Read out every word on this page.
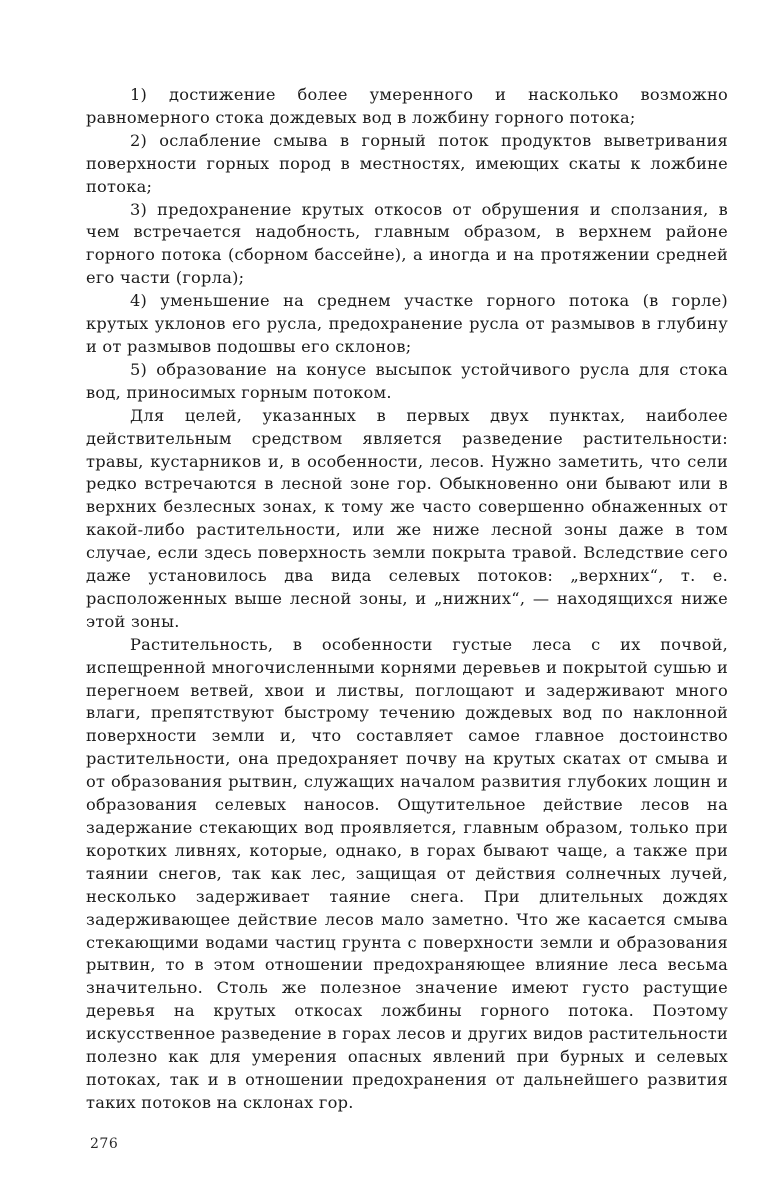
1) достижение более умеренного и насколько возможно равномерного стока дождевых вод в ложбину горного потока;

2) ослабление смыва в горный поток продуктов выветривания поверхности горных пород в местностях, имеющих скаты к ложбине потока;

3) предохранение крутых откосов от обрушения и сползания, в чем встречается надобность, главным образом, в верхнем районе горного потока (сборном бассейне), а иногда и на протяжении средней его части (горла);

4) уменьшение на среднем участке горного потока (в горле) крутых уклонов его русла, предохранение русла от размывов в глубину и от размывов подошвы его склонов;

5) образование на конусе высыпок устойчивого русла для стока вод, приносимых горным потоком.

Для целей, указанных в первых двух пунктах, наиболее действительным средством является разведение растительности: травы, кустарников и, в особенности, лесов. Нужно заметить, что сели редко встречаются в лесной зоне гор. Обыкновенно они бывают или в верхних безлесных зонах, к тому же часто совершенно обнаженных от какой-либо растительности, или же ниже лесной зоны даже в том случае, если здесь поверхность земли покрыта травой. Вследствие сего даже установилось два вида селевых потоков: „верхних“, т. е. расположенных выше лесной зоны, и „нижних“, — находящихся ниже этой зоны.

Растительность, в особенности густые леса с их почвой, испещренной многочисленными корнями деревьев и покрытой сушью и перегноем ветвей, хвои и листвы, поглощают и задерживают много влаги, препятствуют быстрому течению дождевых вод по наклонной поверхности земли и, что составляет самое главное достоинство растительности, она предохраняет почву на крутых скатах от смыва и от образования рытвин, служащих началом развития глубоких лощин и образования селевых наносов. Ощутительное действие лесов на задержание стекающих вод проявляется, главным образом, только при коротких ливнях, которые, однако, в горах бывают чаще, а также при таянии снегов, так как лес, защищая от действия солнечных лучей, несколько задерживает таяние снега. При длительных дождях задерживающее действие лесов мало заметно. Что же касается смыва стекающими водами частиц грунта с поверхности земли и образования рытвин, то в этом отношении предохраняющее влияние леса весьма значительно. Столь же полезное значение имеют густо растущие деревья на крутых откосах ложбины горного потока. Поэтому искусственное разведение в горах лесов и других видов растительности полезно как для умерения опасных явлений при бурных и селевых потоках, так и в отношении предохранения от дальнейшего развития таких потоков на склонах гор.

276
